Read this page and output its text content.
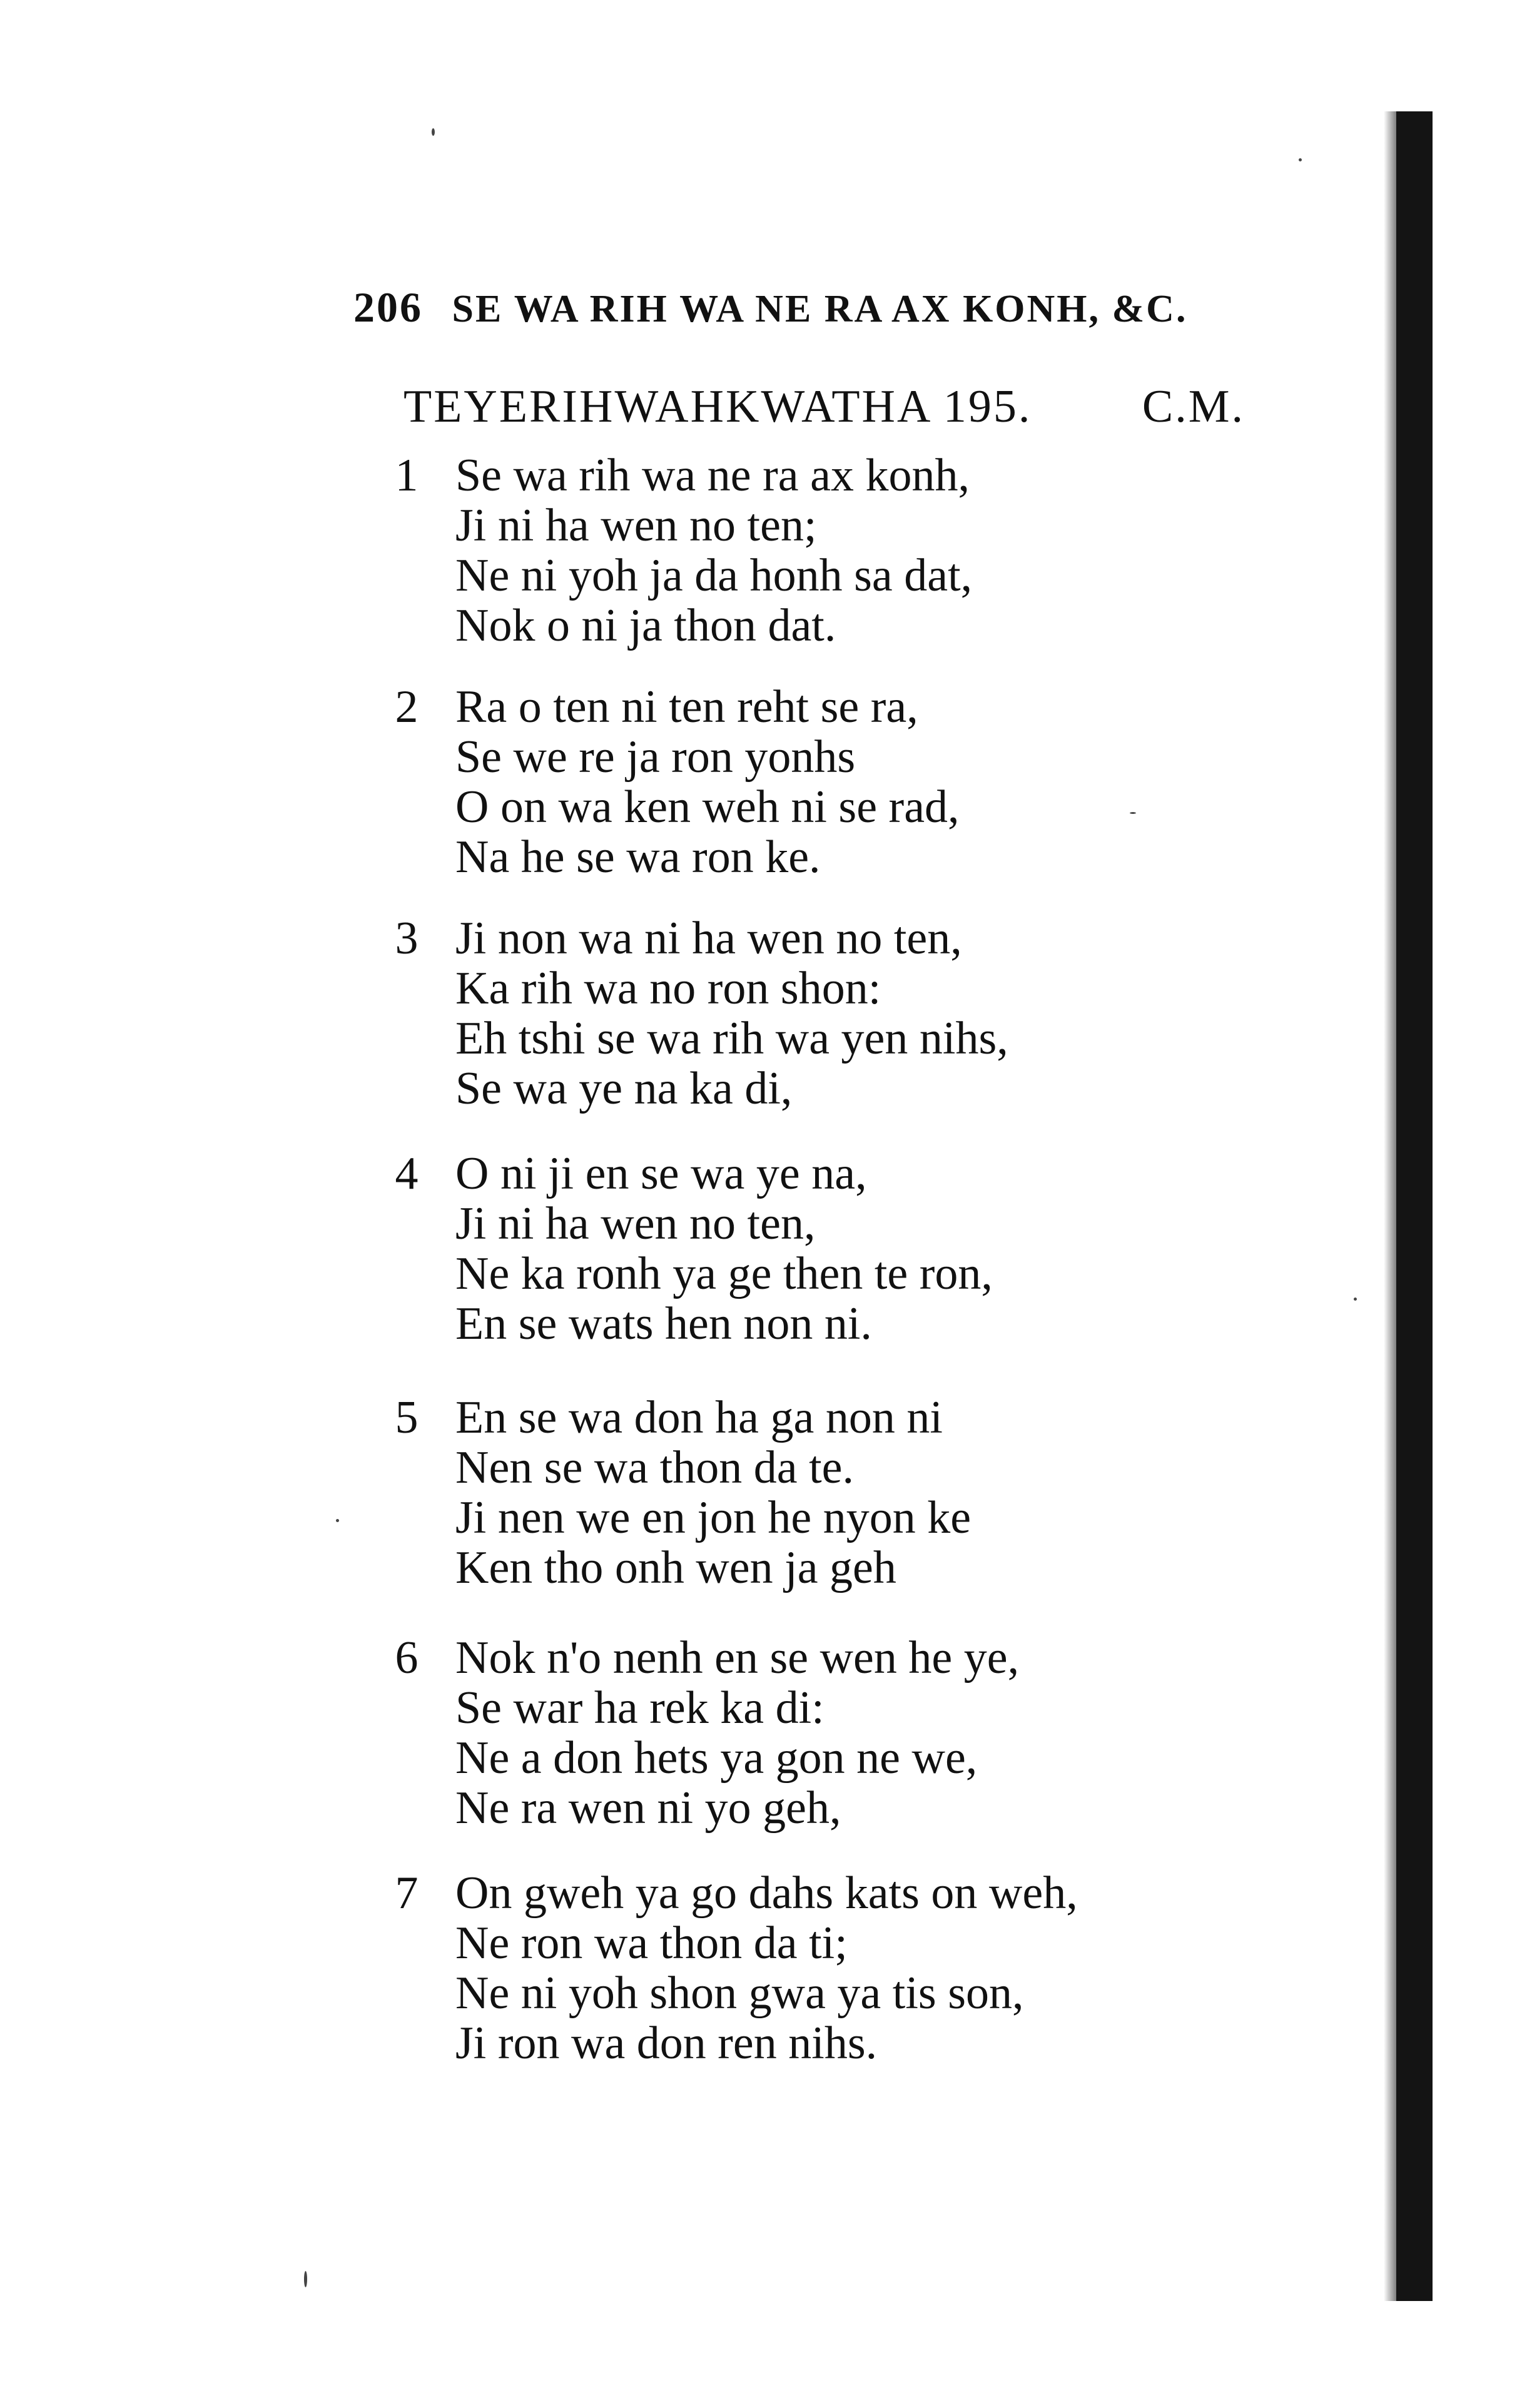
206 SE WA RIH WA NE RA AX KONH, &C.
TEYERIHWAHKWATHA 195. C.M.
1 Se wa rih wa ne ra ax konh,
Ji ni ha wen no ten;
Ne ni yoh ja da honh sa dat,
Nok o ni ja thon dat.
2 Ra o ten ni ten reht se ra,
Se we re ja ron yonhs
O on wa ken weh ni se rad,
Na he se wa ron ke.
3 Ji non wa ni ha wen no ten,
Ka rih wa no ron shon:
Eh tshi se wa rih wa yen nihs,
Se wa ye na ka di,
4 O ni ji en se wa ye na,
Ji ni ha wen no ten,
Ne ka ronh ya ge then te ron,
En se wats hen non ni.
5 En se wa don ha ga non ni
Nen se wa thon da te.
Ji nen we en jon he nyon ke
Ken tho onh wen ja geh
6 Nok n'o nenh en se wen he ye,
Se war ha rek ka di:
Ne a don hets ya gon ne we,
Ne ra wen ni yo geh,
7 On gweh ya go dahs kats on weh,
Ne ron wa thon da ti;
Ne ni yoh shon gwa ya tis son,
Ji ron wa don ren nihs.
